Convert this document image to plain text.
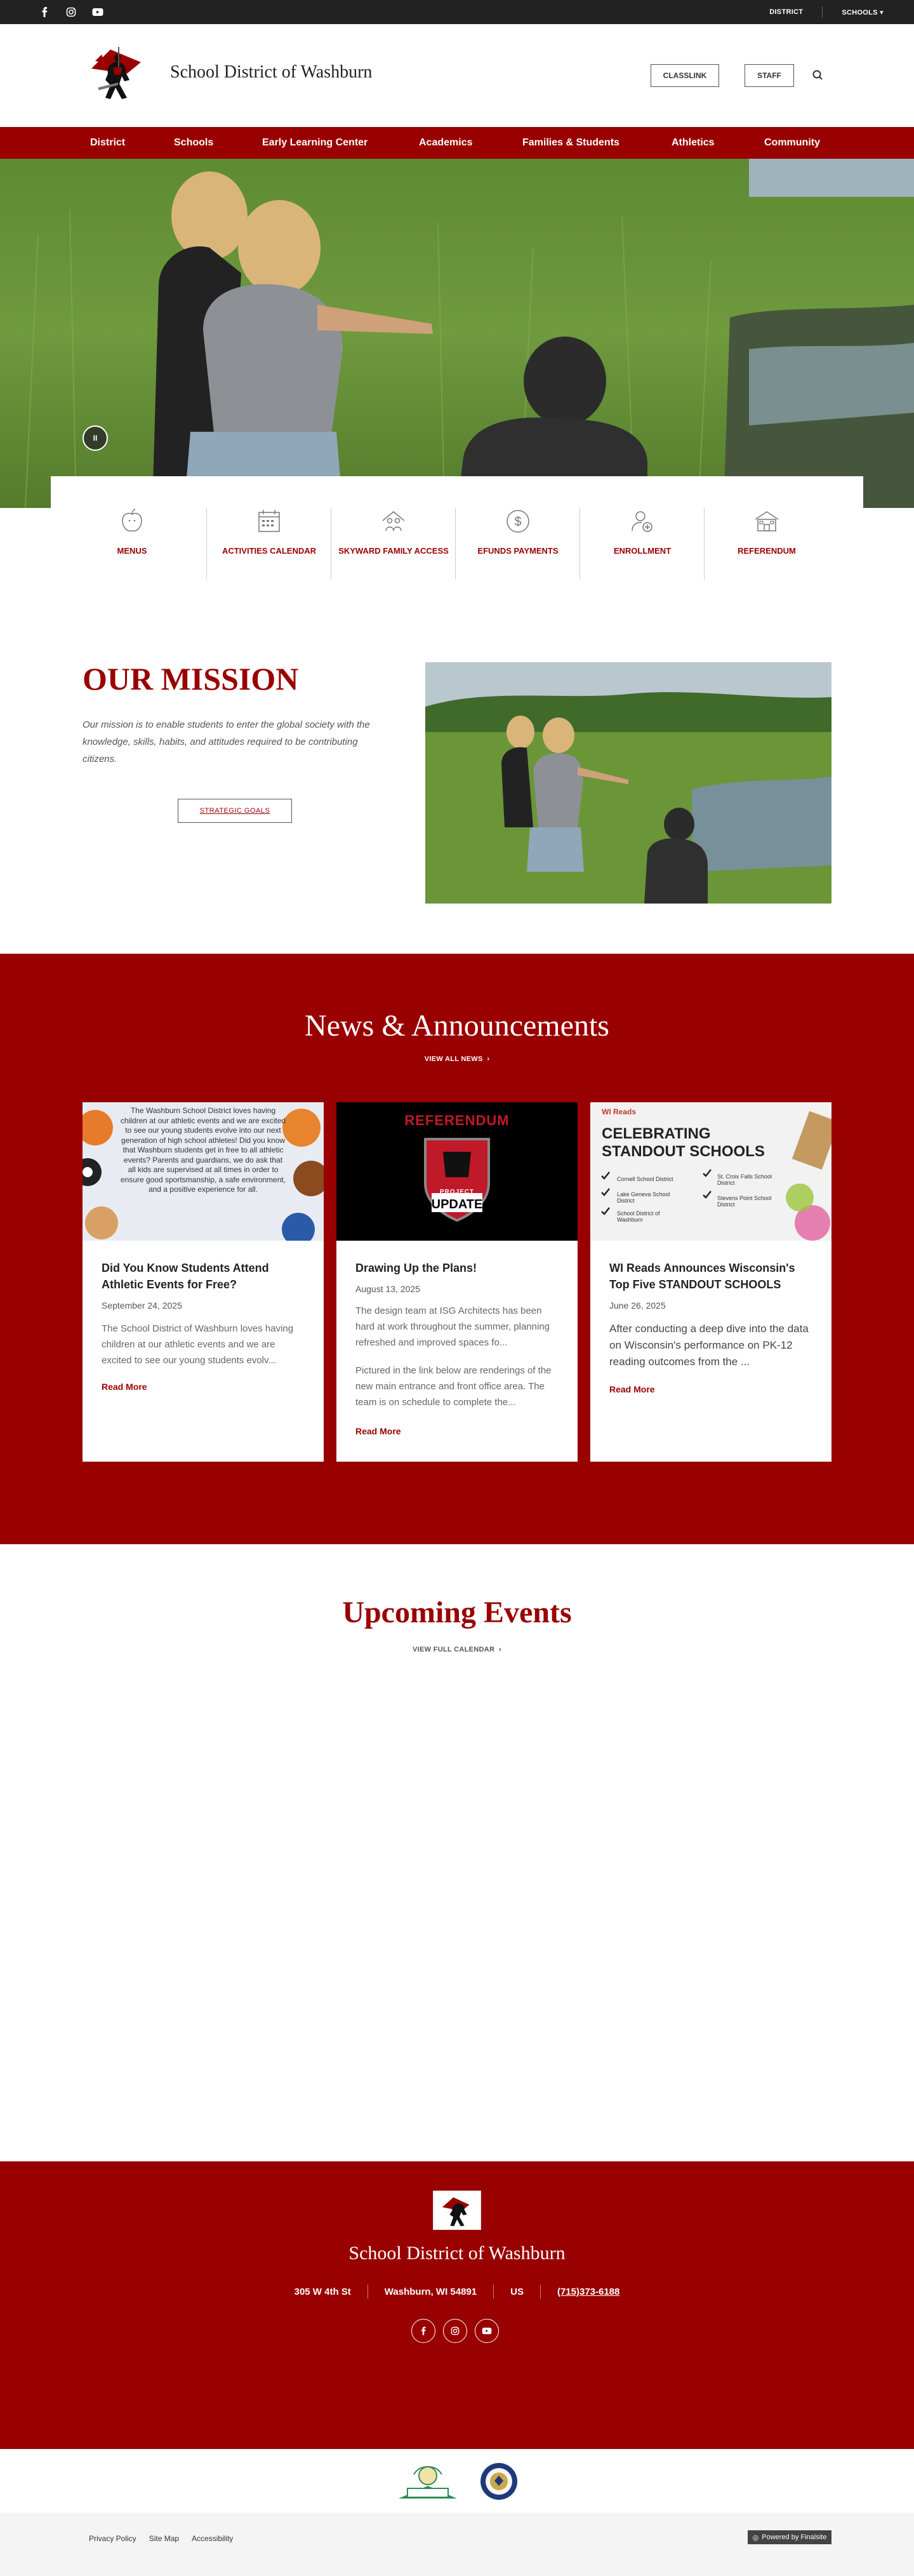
DISTRICT	SCHOOLS ▾
School District of Washburn	CLASSLINK	STAFF
District	Schools	Early Learning Center	Academics	Families & Students	Athletics	Community
II
MENUS	ACTIVITIES CALENDAR	SKYWARD FAMILY ACCESS
$
EFUNDS PAYMENTS	ENROLLMENT	REFERENDUM
OUR MISSION
Our mission is to enable students to enter the global society with the knowledge, skills, habits, and attitudes required to be contributing citizens.
STRATEGIC GOALS
News & Announcements
VIEW ALL NEWS  ›
The Washburn School District loves having children at our athletic events and we are excited to see our young students evolve into our next generation of high school athletes! Did you know that Washburn students get in free to all athletic events? Parents and guardians, we do ask that all kids are supervised at all times in order to ensure good sportsmanship, a safe environment, and a positive experience for all.
Did You Know Students Attend Athletic Events for Free?
September 24, 2025
The School District of Washburn loves having children at our athletic events and we are excited to see our young students evolv...
Read More
REFERENDUM
PROJECT
UPDATE
Drawing Up the Plans!
August 13, 2025
The design team at ISG Architects has been hard at work throughout the summer, planning refreshed and improved spaces fo...
Pictured in the link below are renderings of the new main entrance and front office area. The team is on schedule to complete the...
Read More
WI Reads
CELEBRATING
STANDOUT SCHOOLS
Cornell School District
Lake Geneva School District
School District of Washburn
St. Croix Falls School District
Stevens Point School District
WI Reads Announces Wisconsin's Top Five STANDOUT SCHOOLS
June 26, 2025
After conducting a deep dive into the data on Wisconsin's performance on PK-12 reading outcomes from the ...
Read More
Upcoming Events
VIEW FULL CALENDAR  ›
School District of Washburn
305 W 4th St	Washburn, WI 54891	US	(715)373-6188
Privacy Policy Site Map Accessibility	◎ Powered by Finalsite
